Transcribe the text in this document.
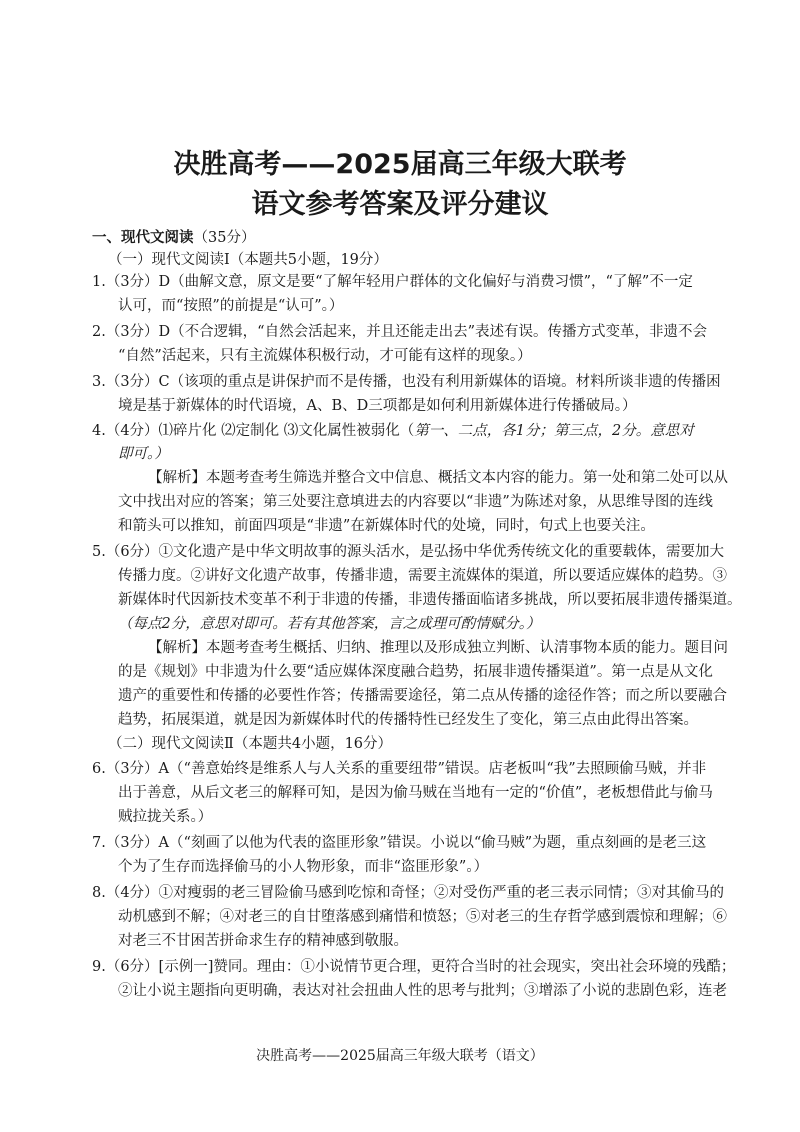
决胜高考——2025届高三年级大联考
语文参考答案及评分建议
一、现代文阅读（35分）
（一）现代文阅读Ⅰ（本题共5小题，19分）
1.（3分）D（曲解文意，原文是要“了解年轻用户群体的文化偏好与消费习惯”，“了解”不一定
认可，而“按照”的前提是“认可”。）
2.（3分）D（不合逻辑，“自然会活起来，并且还能走出去”表述有误。传播方式变革，非遗不会
“自然”活起来，只有主流媒体积极行动，才可能有这样的现象。）
3.（3分）C（该项的重点是讲保护而不是传播，也没有利用新媒体的语境。材料所谈非遗的传播困
境是基于新媒体的时代语境，A、B、D三项都是如何利用新媒体进行传播破局。）
4.（4分）⑴碎片化 ⑵定制化 ⑶文化属性被弱化（第一、二点，各1分；第三点，2分。意思对
即可。）
【解析】本题考查考生筛选并整合文中信息、概括文本内容的能力。第一处和第二处可以从
文中找出对应的答案；第三处要注意填进去的内容要以“非遗”为陈述对象，从思维导图的连线
和箭头可以推知，前面四项是“非遗”在新媒体时代的处境，同时，句式上也要关注。
5.（6分）①文化遗产是中华文明故事的源头活水，是弘扬中华优秀传统文化的重要载体，需要加大
传播力度。②讲好文化遗产故事，传播非遗，需要主流媒体的渠道，所以要适应媒体的趋势。③
新媒体时代因新技术变革不利于非遗的传播，非遗传播面临诸多挑战，所以要拓展非遗传播渠道。
（每点2分，意思对即可。若有其他答案，言之成理可酌情赋分。）
【解析】本题考查考生概括、归纳、推理以及形成独立判断、认清事物本质的能力。题目问
的是《规划》中非遗为什么要“适应媒体深度融合趋势，拓展非遗传播渠道”。第一点是从文化
遗产的重要性和传播的必要性作答；传播需要途径，第二点从传播的途径作答；而之所以要融合
趋势，拓展渠道，就是因为新媒体时代的传播特性已经发生了变化，第三点由此得出答案。
（二）现代文阅读Ⅱ（本题共4小题，16分）
6.（3分）A（“善意始终是维系人与人关系的重要纽带”错误。店老板叫“我”去照顾偷马贼，并非
出于善意，从后文老三的解释可知，是因为偷马贼在当地有一定的“价值”，老板想借此与偷马
贼拉拢关系。）
7.（3分）A（“刻画了以他为代表的盗匪形象”错误。小说以“偷马贼”为题，重点刻画的是老三这
个为了生存而选择偷马的小人物形象，而非“盗匪形象”。）
8.（4分）①对瘦弱的老三冒险偷马感到吃惊和奇怪；②对受伤严重的老三表示同情；③对其偷马的
动机感到不解；④对老三的自甘堕落感到痛惜和愤怒；⑤对老三的生存哲学感到震惊和理解；⑥
对老三不甘困苦拼命求生存的精神感到敬服。
9.（6分）[示例一]赞同。理由：①小说情节更合理，更符合当时的社会现实，突出社会环境的残酷；
②让小说主题指向更明确，表达对社会扭曲人性的思考与批判；③增添了小说的悲剧色彩，连老
决胜高考——2025届高三年级大联考（语文）
